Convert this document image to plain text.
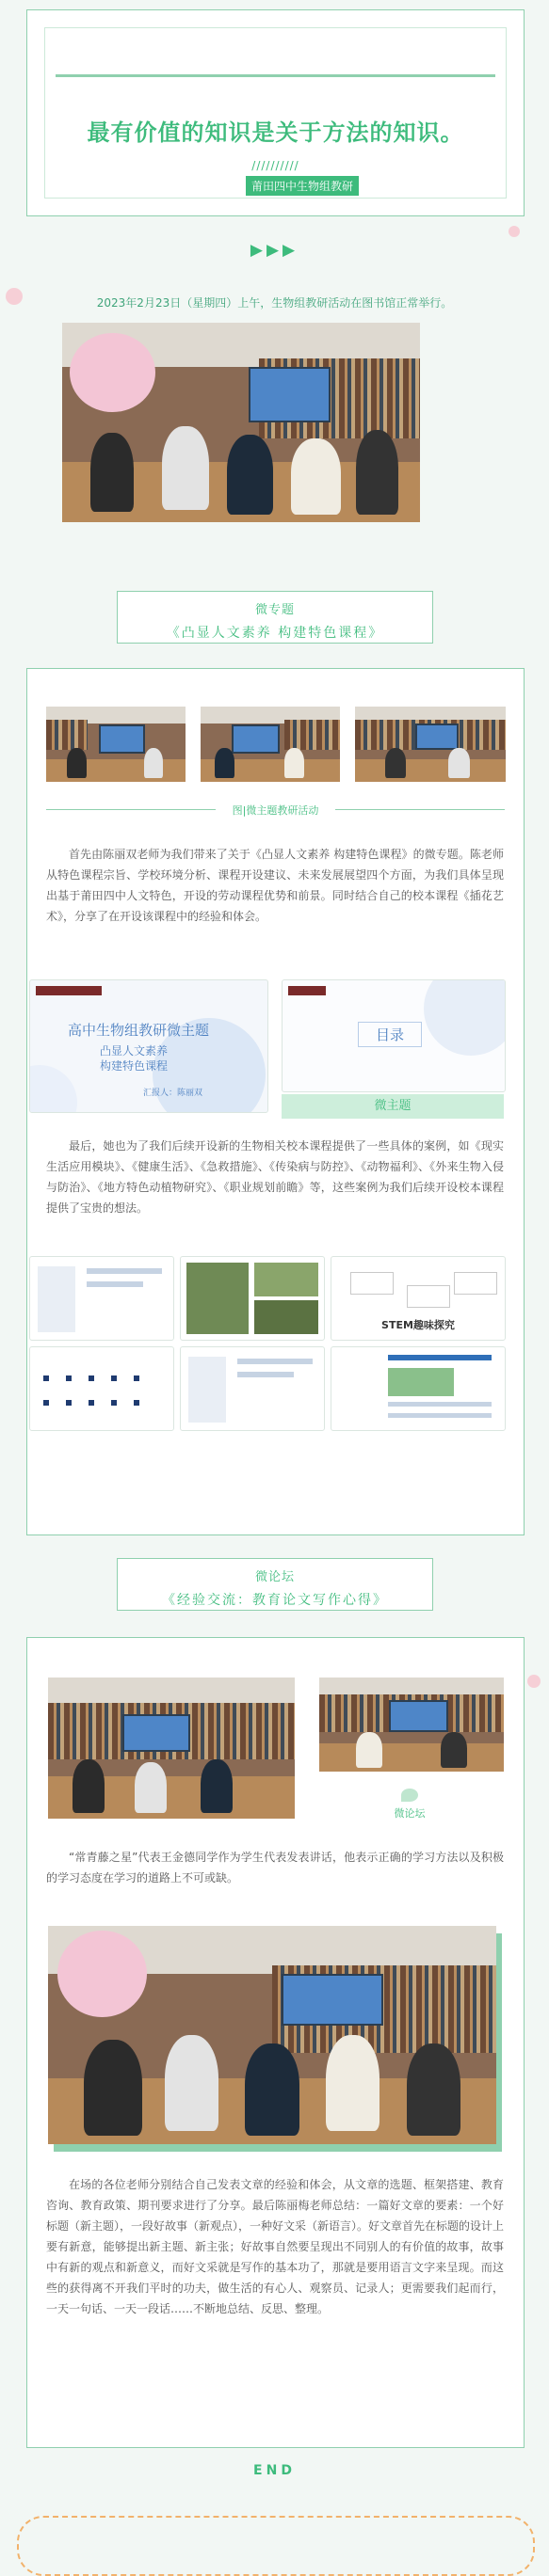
最有价值的知识是关于方法的知识。
//////////
莆田四中生物组教研
▶▶▶
2023年2月23日（星期四）上午，生物组教研活动在图书馆正常举行。
微专题
《凸显人文素养 构建特色课程》
图|微主题教研活动
首先由陈丽双老师为我们带来了关于《凸显人文素养 构建特色课程》的微专题。陈老师从特色课程宗旨、学校环境分析、课程开设建议、未来发展展望四个方面，为我们具体呈现出基于莆田四中人文特色，开设的劳动课程优势和前景。同时结合自己的校本课程《插花艺术》，分享了在开设该课程中的经验和体会。
高中生物组教研微主题
凸显人文素养
构建特色课程
汇报人：陈丽双
目录
微主题
最后，她也为了我们后续开设新的生物相关校本课程提供了一些具体的案例，如《现实生活应用模块》、《健康生活》、《急救措施》、《传染病与防控》、《动物福利》、《外来生物入侵与防治》、《地方特色动植物研究》、《职业规划前瞻》等，这些案例为我们后续开设校本课程提供了宝贵的想法。
STEM趣味探究
微论坛
《经验交流：教育论文写作心得》
微论坛
“常青藤之星”代表王金德同学作为学生代表发表讲话，他表示正确的学习方法以及积极的学习态度在学习的道路上不可或缺。
在场的各位老师分别结合自己发表文章的经验和体会，从文章的选题、框架搭建、教育咨询、教育政策、期刊要求进行了分享。最后陈丽梅老师总结：一篇好文章的要素：一个好标题（新主题），一段好故事（新观点），一种好文采（新语言）。好文章首先在标题的设计上要有新意，能够提出新主题、新主张；好故事自然要呈现出不同别人的有价值的故事，故事中有新的观点和新意义，而好文采就是写作的基本功了，那就是要用语言文字来呈现。而这些的获得离不开我们平时的功夫，做生活的有心人、观察员、记录人；更需要我们起而行，一天一句话、一天一段话……不断地总结、反思、整理。
END
